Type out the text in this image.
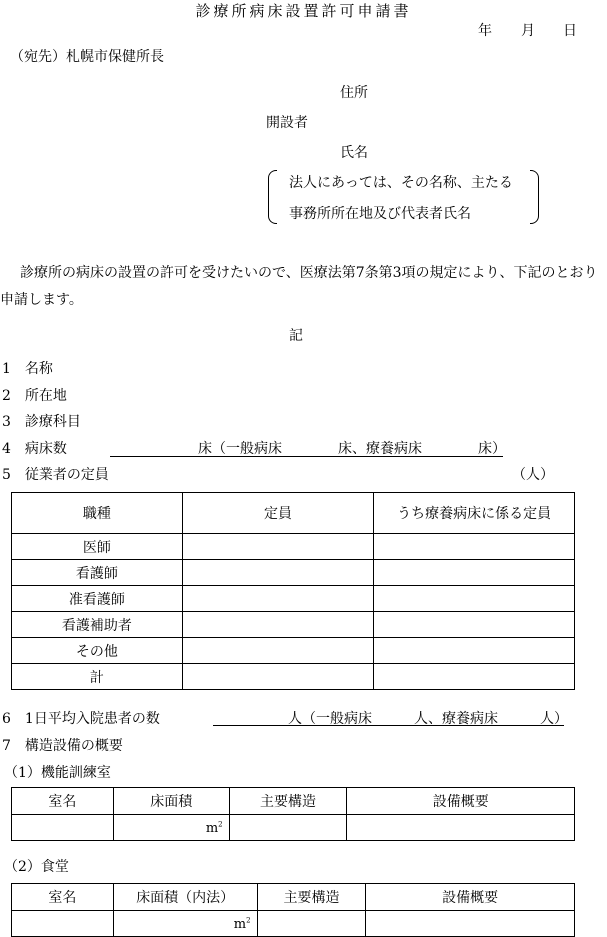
診療所病床設置許可申請書
年 月 日
（宛先）札幌市保健所長
住所
開設者
氏名
法人にあっては、その名称、主たる
事務所所在地及び代表者氏名
診療所の病床の設置の許可を受けたいので、医療法第7条第3項の規定により、下記のとおり
申請します。
記
1　名称
2　所在地
3　診療科目
4　病床数	床（一般病床　　　　床、療養病床　　　　床）
5　従業者の定員	（人）
職種	定員	うち療養病床に係る定員
医師		
看護師		
准看護師		
看護補助者		
その他		
計		
6　1日平均入院患者の数	人（一般病床　　　人、療養病床　　　人）
7　構造設備の概要
（1）機能訓練室
室名	床面積	主要構造	設備概要
	$m^2$		
（2）食堂
室名	床面積（内法）	主要構造	設備概要
	$m^2$		
